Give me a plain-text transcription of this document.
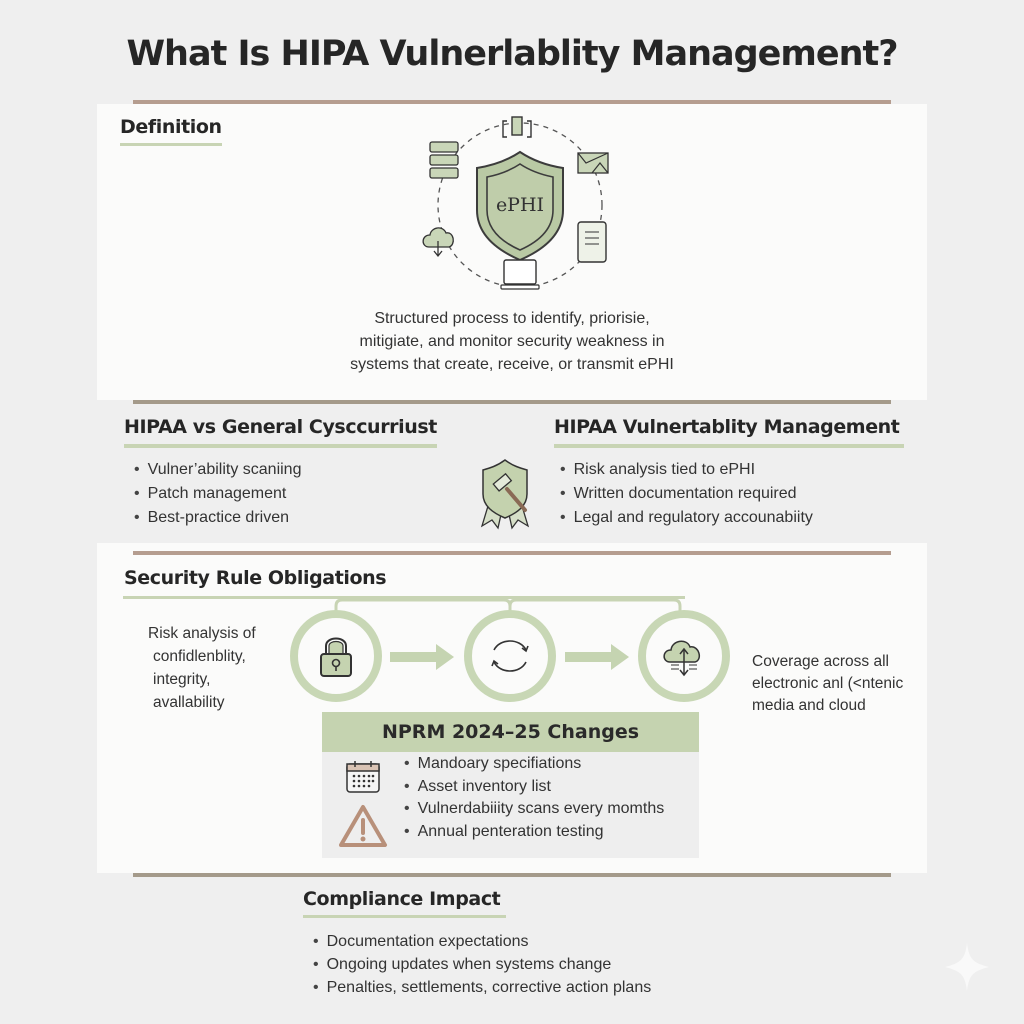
What Is HIPA Vulnerlablity Management?
Definition
ePHI
Structured process to identify, priorisie,
mitigiate, and monitor security weakness in
systems that create, receive, or transmit ePHI
HIPAA vs General Cysccurriust
• Vulner’ability scaniing
• Patch management
• Best-practice driven
HIPAA Vulnertablity Management
• Risk analysis tied to ePHI
• Written documentation required
• Legal and regulatory accounabiity
Security Rule Obligations
Risk analysis of
confidlenblity,
integrity,
avallability
Coverage across all
electronic anl (<ntenic
media and cloud
NPRM 2024–25 Changes
• Mandoary specifiations
• Asset inventory list
• Vulnerdabiiity scans every momths
• Annual penteration testing
Compliance Impact
• Documentation expectations
• Ongoing updates when systems change
• Penalties, settlements, corrective action plans
